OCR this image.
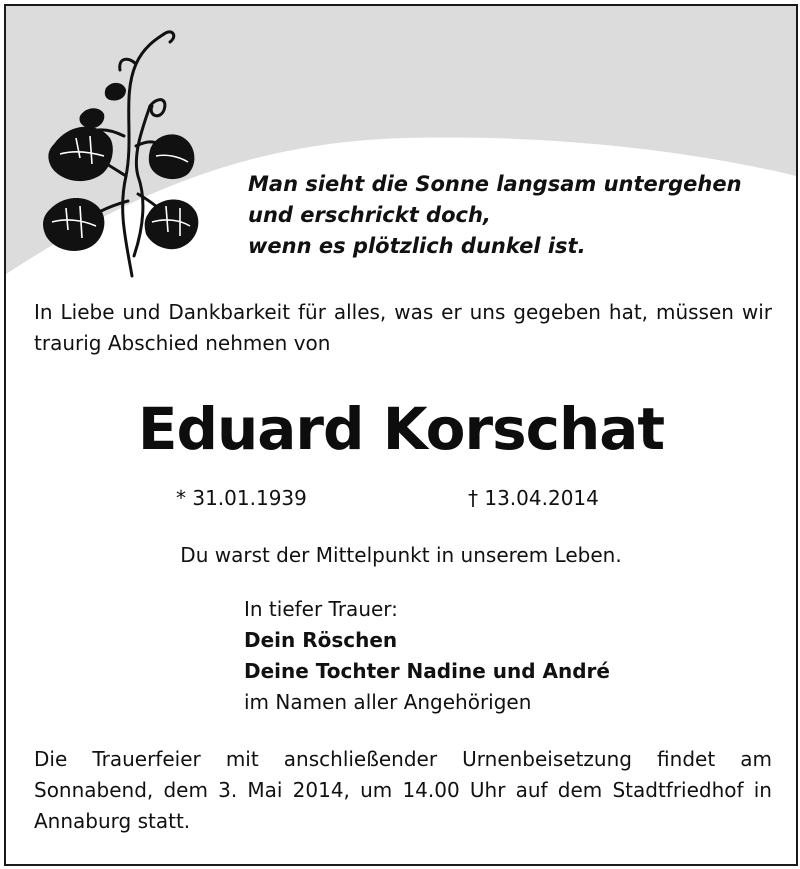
Man sieht die Sonne langsam untergehen
und erschrickt doch,
wenn es plötzlich dunkel ist.
In Liebe und Dankbarkeit für alles, was er uns gegeben hat, müssen wir traurig Abschied nehmen von
Eduard Korschat
* 31.01.1939	† 13.04.2014
Du warst der Mittelpunkt in unserem Leben.
In tiefer Trauer:
Dein Röschen
Deine Tochter Nadine und André
im Namen aller Angehörigen
Die Trauerfeier mit anschließender Urnenbeisetzung findet am Sonnabend, dem 3. Mai 2014, um 14.00 Uhr auf dem Stadtfriedhof in Annaburg statt.
